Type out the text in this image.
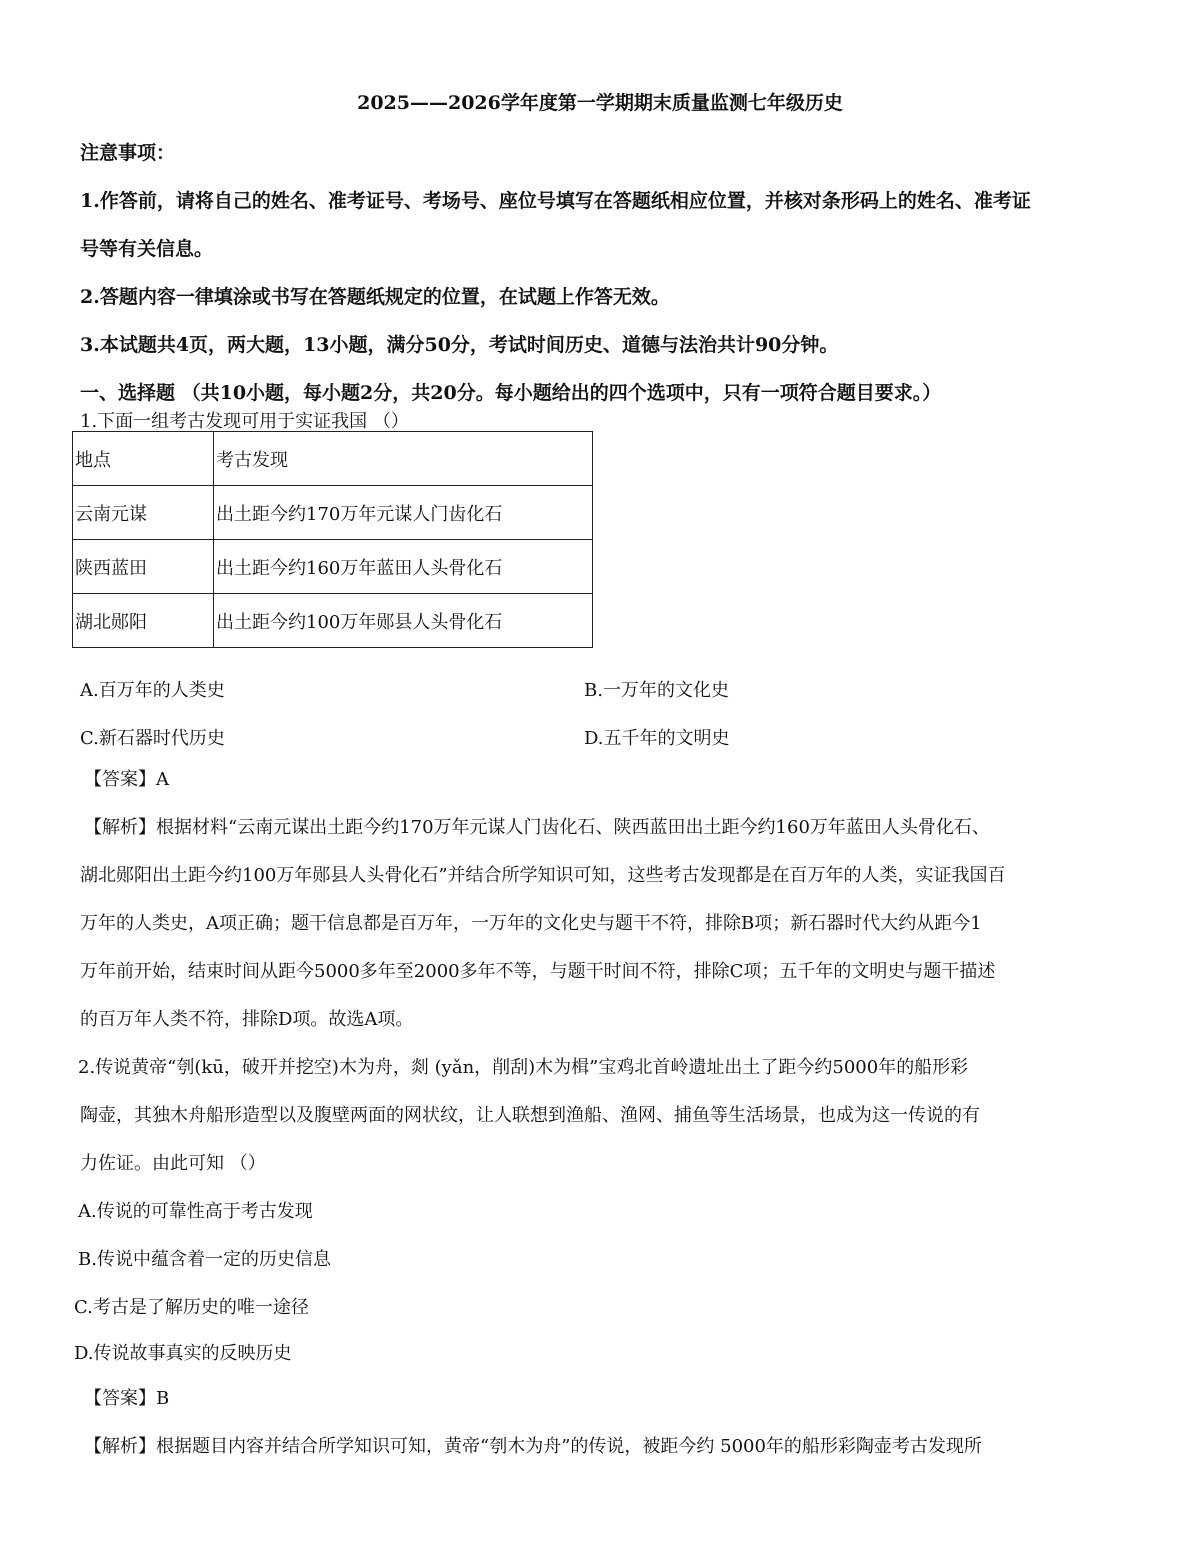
2025——2026学年度第一学期期末质量监测七年级历史
注意事项：
1.作答前，请将自己的姓名、准考证号、考场号、座位号填写在答题纸相应位置，并核对条形码上的姓名、准考证
号等有关信息。
2.答题内容一律填涂或书写在答题纸规定的位置，在试题上作答无效。
3.本试题共4页，两大题，13小题，满分50分，考试时间历史、道德与法治共计90分钟。
一、选择题 （共10小题，每小题2分，共20分。每小题给出的四个选项中，只有一项符合题目要求。）
1.下面一组考古发现可用于实证我国 （）
地点	考古发现
云南元谋	出土距今约170万年元谋人门齿化石
陕西蓝田	出土距今约160万年蓝田人头骨化石
湖北郧阳	出土距今约100万年郧县人头骨化石
A.百万年的人类史	B.一万年的文化史
C.新石器时代历史	D.五千年的文明史
【答案】A
【解析】根据材料“云南元谋出土距今约170万年元谋人门齿化石、陕西蓝田出土距今约160万年蓝田人头骨化石、
湖北郧阳出土距今约100万年郧县人头骨化石”并结合所学知识可知，这些考古发现都是在百万年的人类，实证我国百
万年的人类史，A项正确；题干信息都是百万年，一万年的文化史与题干不符，排除B项；新石器时代大约从距今1
万年前开始，结束时间从距今5000多年至2000多年不等，与题干时间不符，排除C项；五千年的文明史与题干描述
的百万年人类不符，排除D项。故选A项。
2.传说黄帝“刳(kū，破开并挖空)木为舟，剡 (yǎn，削刮)木为楫”宝鸡北首岭遗址出土了距今约5000年的船形彩
陶壶，其独木舟船形造型以及腹壁两面的网状纹，让人联想到渔船、渔网、捕鱼等生活场景，也成为这一传说的有
力佐证。由此可知 （）
A.传说的可靠性高于考古发现
B.传说中蕴含着一定的历史信息
C.考古是了解历史的唯一途径
D.传说故事真实的反映历史
【答案】B
【解析】根据题目内容并结合所学知识可知，黄帝“刳木为舟”的传说，被距今约 5000年的船形彩陶壶考古发现所
